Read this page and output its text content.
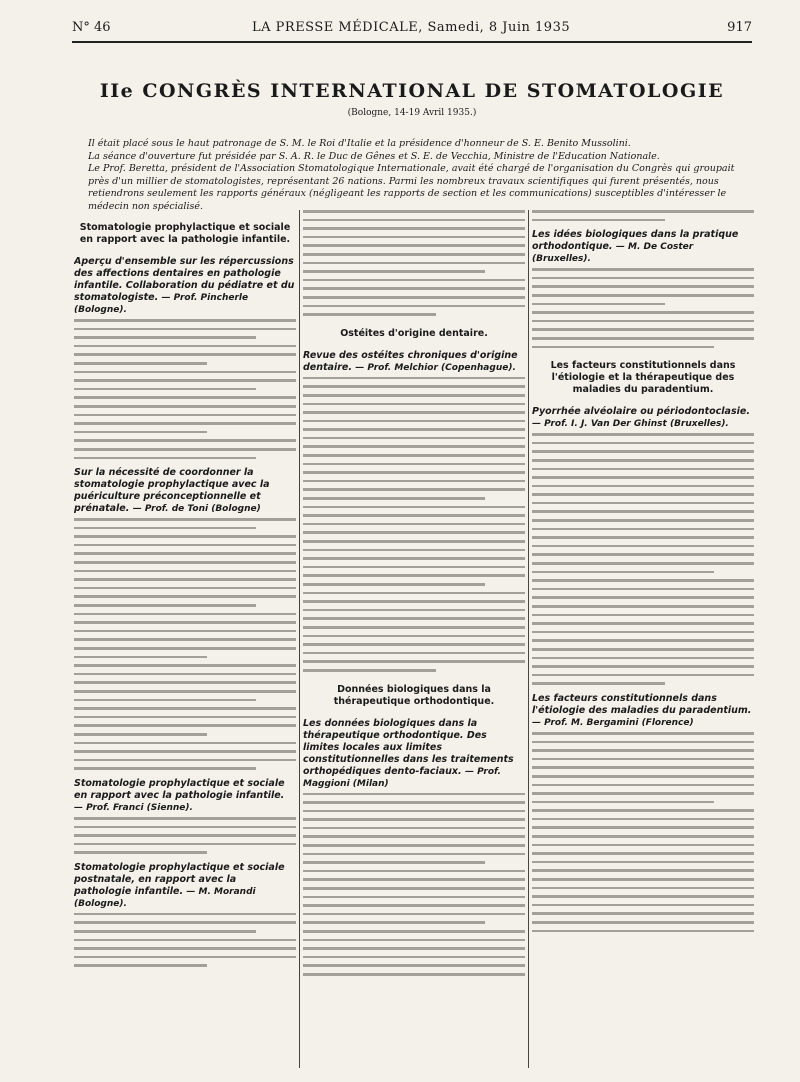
N° 46	LA PRESSE MÉDICALE, Samedi, 8 Juin 1935	917
IIe CONGRÈS INTERNATIONAL DE STOMATOLOGIE
(Bologne, 14-19 Avril 1935.)

Il était placé sous le haut patronage de S. M. le Roi d'Italie et la présidence d'honneur de S. E. Benito Mussolini.

La séance d'ouverture fut présidée par S. A. R. le Duc de Gênes et S. E. de Vecchia, Ministre de l'Education Nationale.

Le Prof. Beretta, président de l'Association Stomatologique Internationale, avait été chargé de l'organisation du Congrès qui groupait près d'un millier de stomatologistes, représentant 26 nations. Parmi les nombreux travaux scientifiques qui furent présentés, nous retiendrons seulement les rapports généraux (négligeant les rapports de section et les communications) susceptibles d'intéresser le médecin non spécialisé.

Stomatologie prophylactique et sociale en rapport avec la pathologie infantile.
Aperçu d'ensemble sur les répercussions des affections dentaires en pathologie infantile. Collaboration du pédiatre et du stomatologiste. — Prof. Pincherle (Bologne).
Sur la nécessité de coordonner la stomatologie prophylactique avec la puériculture préconceptionnelle et prénatale. — Prof. de Toni (Bologne)
Stomatologie prophylactique et sociale en rapport avec la pathologie infantile. — Prof. Franci (Sienne).
Stomatologie prophylactique et sociale postnatale, en rapport avec la pathologie infantile. — M. Morandi (Bologne).
Ostéites d'origine dentaire.
Revue des ostéites chroniques d'origine dentaire. — Prof. Melchior (Copenhague).
Données biologiques dans la thérapeutique orthodontique.
Les données biologiques dans la thérapeutique orthodontique. Des limites locales aux limites constitutionnelles dans les traitements orthopédiques dento-faciaux. — Prof. Maggioni (Milan)
Les idées biologiques dans la pratique orthodontique. — M. De Coster (Bruxelles).
Les facteurs constitutionnels dans l'étiologie et la thérapeutique des maladies du paradentium.
Pyorrhée alvéolaire ou périodontoclasie. — Prof. I. J. Van Der Ghinst (Bruxelles).
Les facteurs constitutionnels dans l'étiologie des maladies du paradentium. — Prof. M. Bergamini (Florence)
